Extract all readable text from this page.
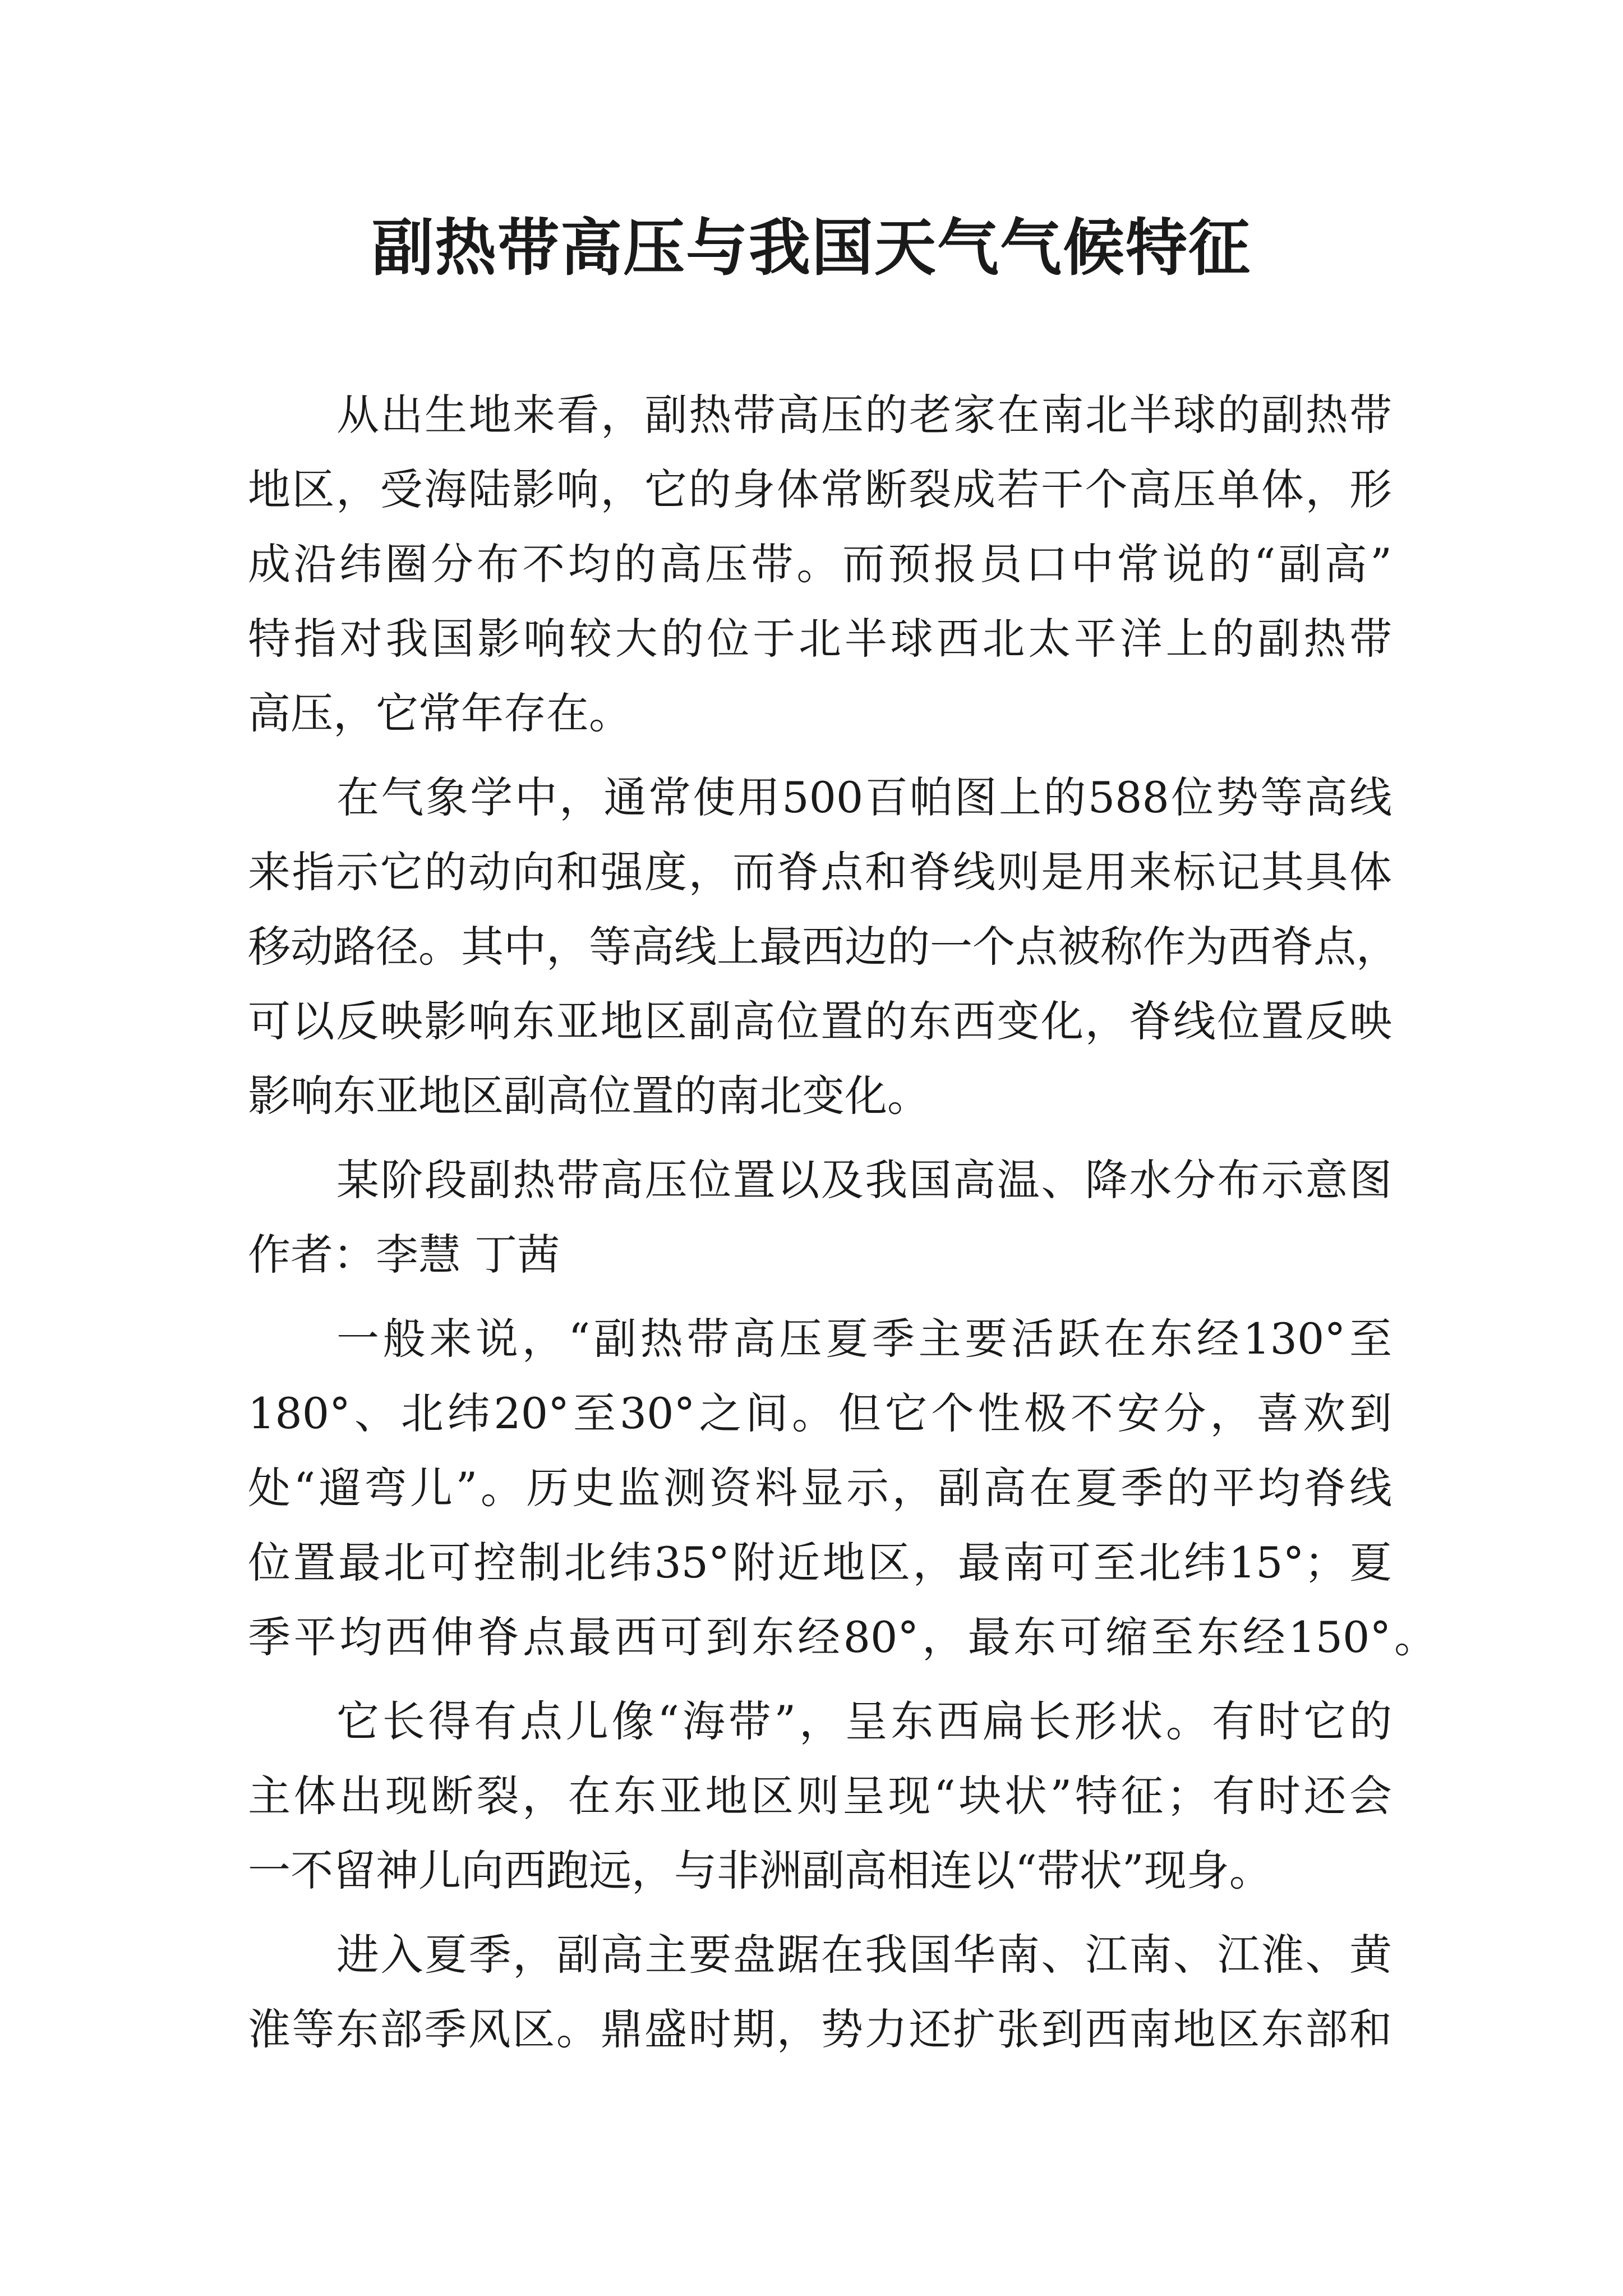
副热带高压与我国天气气候特征

从出生地来看，副热带高压的老家在南北半球的副热带

地区，受海陆影响，它的身体常断裂成若干个高压单体，形

成沿纬圈分布不均的高压带。而预报员口中常说的“副高”

特指对我国影响较大的位于北半球西北太平洋上的副热带

高压，它常年存在。

在气象学中，通常使用500百帕图上的588位势等高线

来指示它的动向和强度，而脊点和脊线则是用来标记其具体

移动路径。其中，等高线上最西边的一个点被称作为西脊点，

可以反映影响东亚地区副高位置的东西变化，脊线位置反映

影响东亚地区副高位置的南北变化。

某阶段副热带高压位置以及我国高温、降水分布示意图

作者：李慧 丁茜

一般来说，“副热带高压夏季主要活跃在东经130°至

180°、北纬20°至30°之间。但它个性极不安分，喜欢到

处“遛弯儿”。历史监测资料显示，副高在夏季的平均脊线

位置最北可控制北纬35°附近地区，最南可至北纬15°；夏

季平均西伸脊点最西可到东经80°，最东可缩至东经150°。

它长得有点儿像“海带”，呈东西扁长形状。有时它的

主体出现断裂，在东亚地区则呈现“块状”特征；有时还会

一不留神儿向西跑远，与非洲副高相连以“带状”现身。

进入夏季，副高主要盘踞在我国华南、江南、江淮、黄

淮等东部季风区。鼎盛时期，势力还扩张到西南地区东部和
